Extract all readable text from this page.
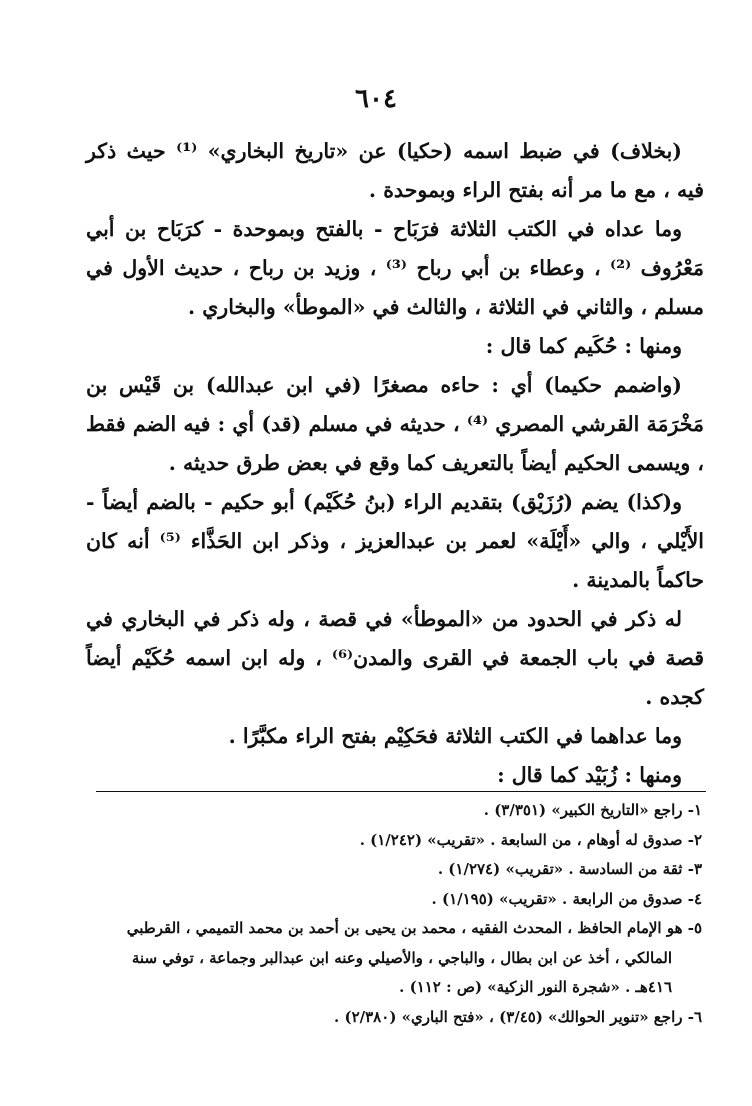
٦٠٤

(بخلاف) في ضبط اسمه (حكيا) عن «تاريخ البخاري» ⁽¹⁾ حيث ذكر فيه ، مع ما مر أنه بفتح الراء وبموحدة .

وما عداه في الكتب الثلاثة فرَبَاح - بالفتح وبموحدة - كرَبَاح بن أبي مَعْرُوف ⁽²⁾ ، وعطاء بن أبي رباح ⁽³⁾ ، وزيد بن رباح ، حديث الأول في مسلم ، والثاني في الثلاثة ، والثالث في «الموطأ» والبخاري .

ومنها : حُكَيم كما قال :

(واضمم حكيما) أي : حاءه مصغرًا (في ابن عبدالله) بن قَيْس بن مَخْرَمَة القرشي المصري ⁽⁴⁾ ، حديثه في مسلم (قد) أي : فيه الضم فقط ، ويسمى الحكيم أيضاً بالتعريف كما وقع في بعض طرق حديثه .

و(كذا) يضم (رُزَيْق) بتقديم الراء (بنُ حُكَيْم) أبو حكيم - بالضم أيضاً - الأَيْلي ، والي «أَيْلَة» لعمر بن عبدالعزيز ، وذكر ابن الحَذَّاء ⁽⁵⁾ أنه كان حاكماً بالمدينة .

له ذكر في الحدود من «الموطأ» في قصة ، وله ذكر في البخاري في قصة في باب الجمعة في القرى والمدن⁽⁶⁾ ، وله ابن اسمه حُكَيْم أيضاً كجده .

وما عداهما في الكتب الثلاثة فحَكِيْم بفتح الراء مكبَّرًا .

ومنها : زُبَيْد كما قال :

١- راجع «التاريخ الكبير» (٣/٣٥١) .

٢- صدوق له أوهام ، من السابعة . «تقريب» (١/٢٤٢) .

٣- ثقة من السادسة . «تقريب» (١/٢٧٤) .

٤- صدوق من الرابعة . «تقريب» (١/١٩٥) .

٥- هو الإمام الحافظ ، المحدث الفقيه ، محمد بن يحيى بن أحمد بن محمد التميمي ، القرطبي

المالكي ، أخذ عن ابن بطال ، والباجي ، والأصيلي وعنه ابن عبدالبر وجماعة ، توفي سنة

٤١٦هـ . «شجرة النور الزكية» (ص : ١١٢) .

٦- راجع «تنوير الحوالك» (٣/٤٥) ، «فتح الباري» (٢/٣٨٠) .
